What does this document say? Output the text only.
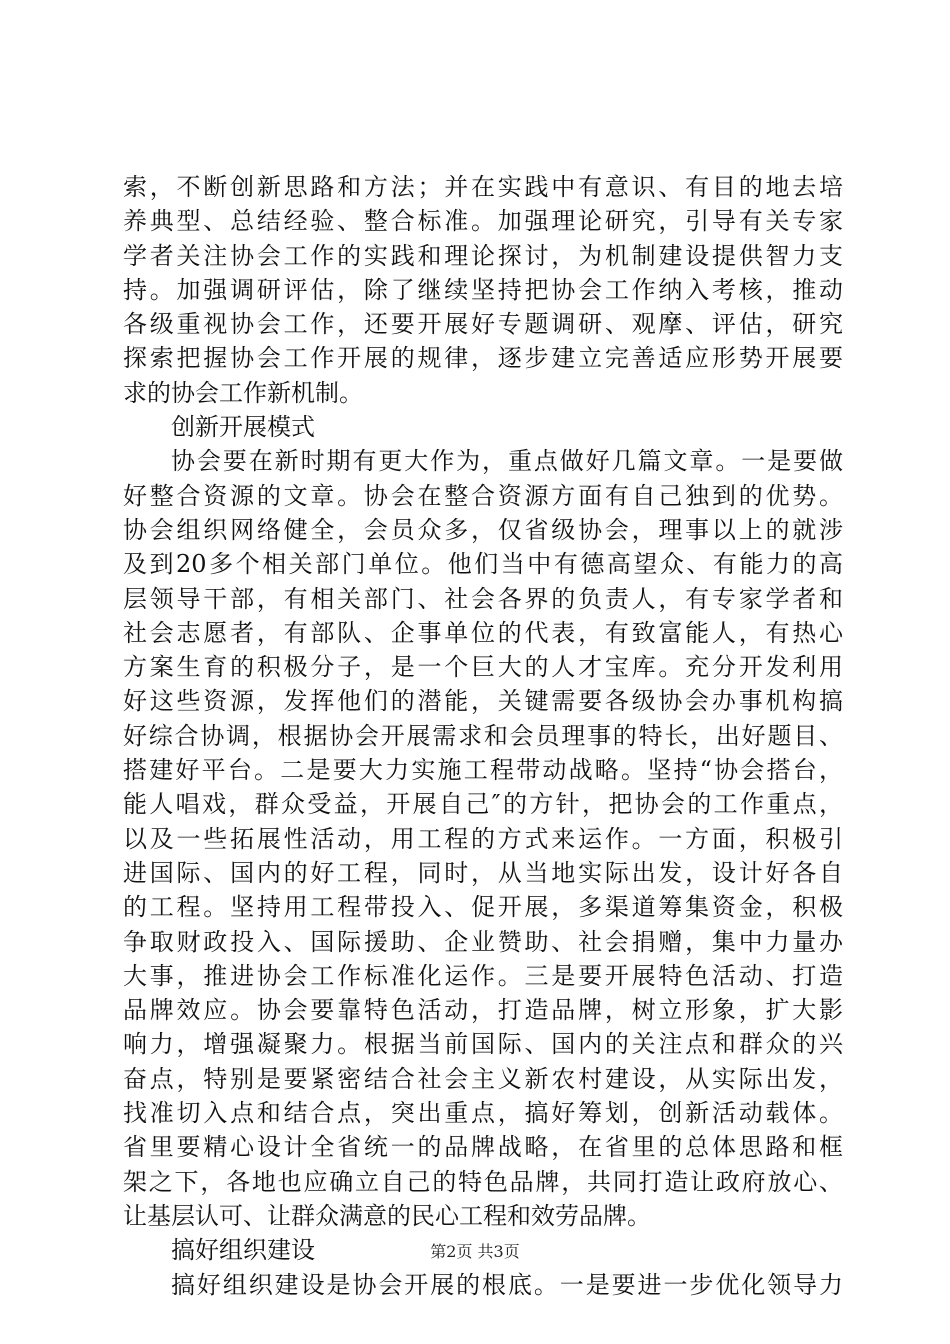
索，不断创新思路和方法；并在实践中有意识、有目的地去培
养典型、总结经验、整合标准。加强理论研究，引导有关专家
学者关注协会工作的实践和理论探讨，为机制建设提供智力支
持。加强调研评估，除了继续坚持把协会工作纳入考核，推动
各级重视协会工作，还要开展好专题调研、观摩、评估，研究
探索把握协会工作开展的规律，逐步建立完善适应形势开展要
求的协会工作新机制。
创新开展模式
协会要在新时期有更大作为，重点做好几篇文章。一是要做
好整合资源的文章。协会在整合资源方面有自己独到的优势。
协会组织网络健全，会员众多，仅省级协会，理事以上的就涉
及到20多个相关部门单位。他们当中有德高望众、有能力的高
层领导干部，有相关部门、社会各界的负责人，有专家学者和
社会志愿者，有部队、企事单位的代表，有致富能人，有热心
方案生育的积极分子，是一个巨大的人才宝库。充分开发利用
好这些资源，发挥他们的潜能，关键需要各级协会办事机构搞
好综合协调，根据协会开展需求和会员理事的特长，出好题目、
搭建好平台。二是要大力实施工程带动战略。坚持“协会搭台，
能人唱戏，群众受益，开展自己″的方针，把协会的工作重点，
以及一些拓展性活动，用工程的方式来运作。一方面，积极引
进国际、国内的好工程，同时，从当地实际出发，设计好各自
的工程。坚持用工程带投入、促开展，多渠道筹集资金，积极
争取财政投入、国际援助、企业赞助、社会捐赠，集中力量办
大事，推进协会工作标准化运作。三是要开展特色活动、打造
品牌效应。协会要靠特色活动，打造品牌，树立形象，扩大影
响力，增强凝聚力。根据当前国际、国内的关注点和群众的兴
奋点，特别是要紧密结合社会主义新农村建设，从实际出发，
找准切入点和结合点，突出重点，搞好筹划，创新活动载体。
省里要精心设计全省统一的品牌战略，在省里的总体思路和框
架之下，各地也应确立自己的特色品牌，共同打造让政府放心、
让基层认可、让群众满意的民心工程和效劳品牌。
搞好组织建设
搞好组织建设是协会开展的根底。一是要进一步优化领导力
第2页 共3页
